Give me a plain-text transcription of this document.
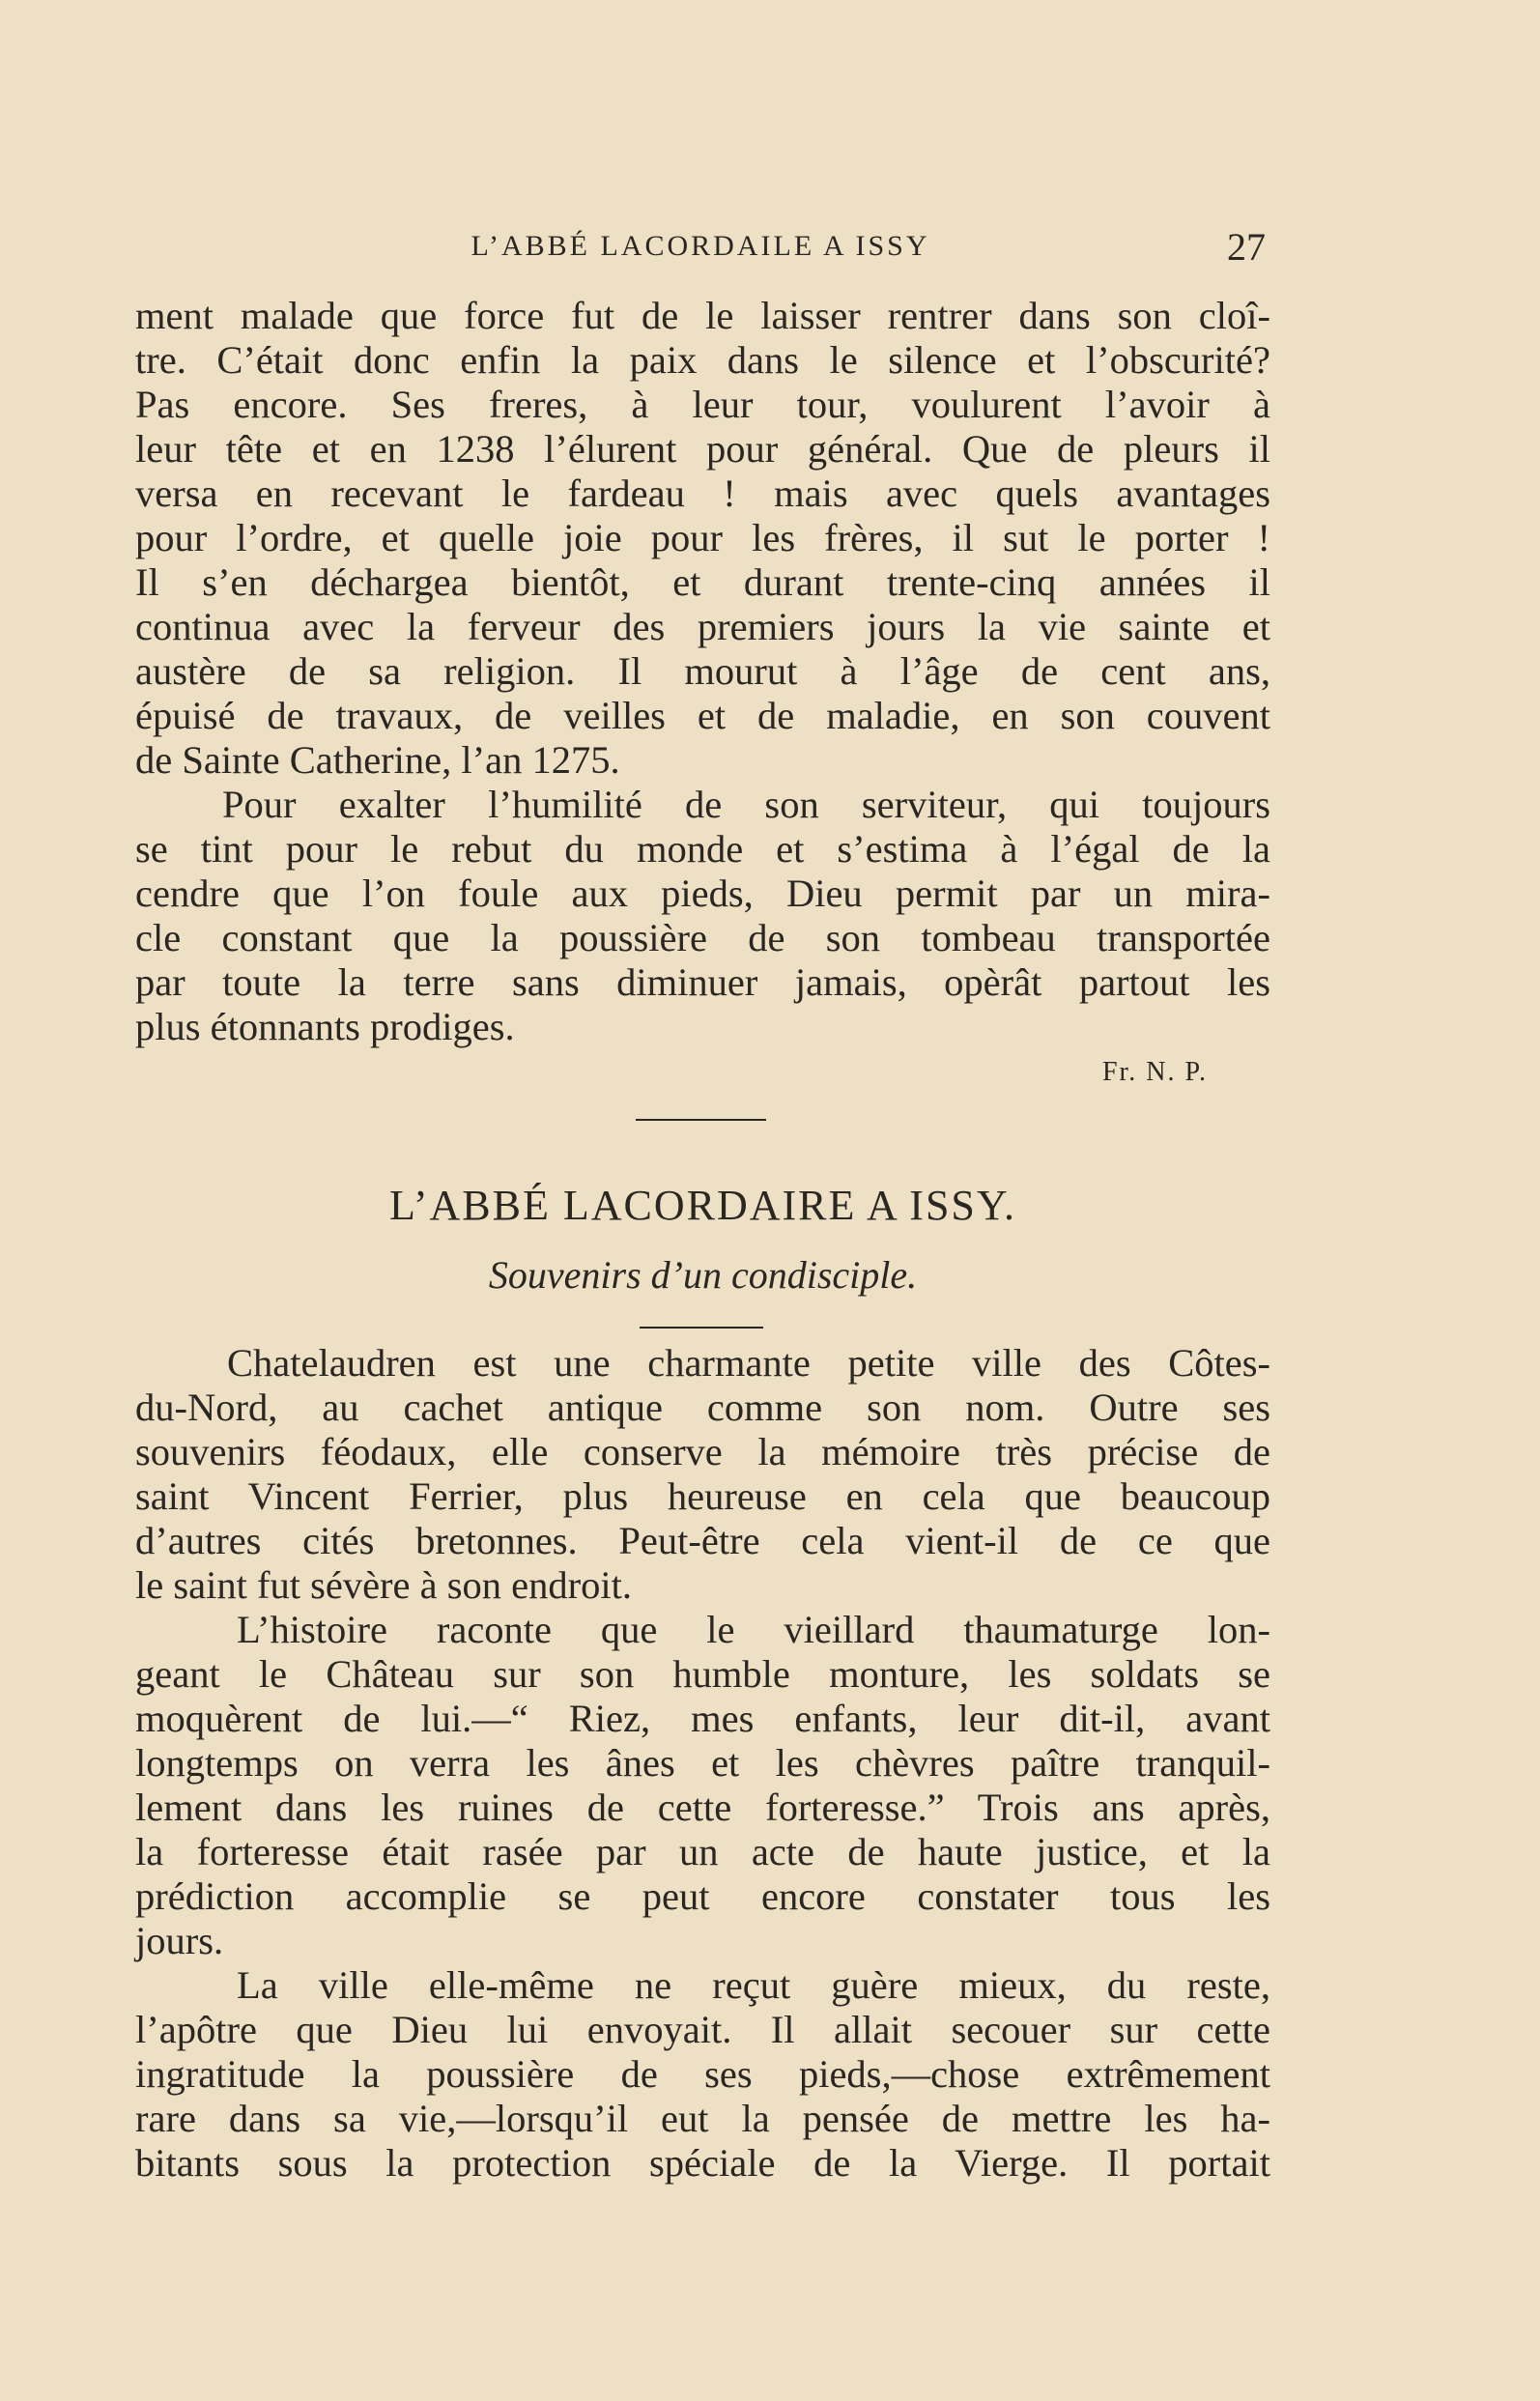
L’ABBÉ LACORDAILE A ISSY	27
ment malade que force fut de le laisser rentrer dans son cloî-
tre. C’était donc enfin la paix dans le silence et l’obscurité?
Pas encore. Ses freres, à leur tour, voulurent l’avoir à
leur tête et en 1238 l’élurent pour général. Que de pleurs il
versa en recevant le fardeau ! mais avec quels avantages
pour l’ordre, et quelle joie pour les frères, il sut le porter !
Il s’en déchargea bientôt, et durant trente-cinq années il
continua avec la ferveur des premiers jours la vie sainte et
austère de sa religion. Il mourut à l’âge de cent ans,
épuisé de travaux, de veilles et de maladie, en son couvent
de Sainte Catherine, l’an 1275.
Pour exalter l’humilité de son serviteur, qui toujours
se tint pour le rebut du monde et s’estima à l’égal de la
cendre que l’on foule aux pieds, Dieu permit par un mira-
cle constant que la poussière de son tombeau transportée
par toute la terre sans diminuer jamais, opèrât partout les
plus étonnants prodiges.
Fr. N. P.
L’ABBÉ LACORDAIRE A ISSY.
Souvenirs d’un condisciple.
Chatelaudren est une charmante petite ville des Côtes-
du-Nord, au cachet antique comme son nom. Outre ses
souvenirs féodaux, elle conserve la mémoire très précise de
saint Vincent Ferrier, plus heureuse en cela que beaucoup
d’autres cités bretonnes. Peut-être cela vient-il de ce que
le saint fut sévère à son endroit.
L’histoire raconte que le vieillard thaumaturge lon-
geant le Château sur son humble monture, les soldats se
moquèrent de lui.—“ Riez, mes enfants, leur dit-il, avant
longtemps on verra les ânes et les chèvres paître tranquil-
lement dans les ruines de cette forteresse.” Trois ans après,
la forteresse était rasée par un acte de haute justice, et la
prédiction accomplie se peut encore constater tous les
jours.
La ville elle-même ne reçut guère mieux, du reste,
l’apôtre que Dieu lui envoyait. Il allait secouer sur cette
ingratitude la poussière de ses pieds,—chose extrêmement
rare dans sa vie,—lorsqu’il eut la pensée de mettre les ha-
bitants sous la protection spéciale de la Vierge. Il portait
